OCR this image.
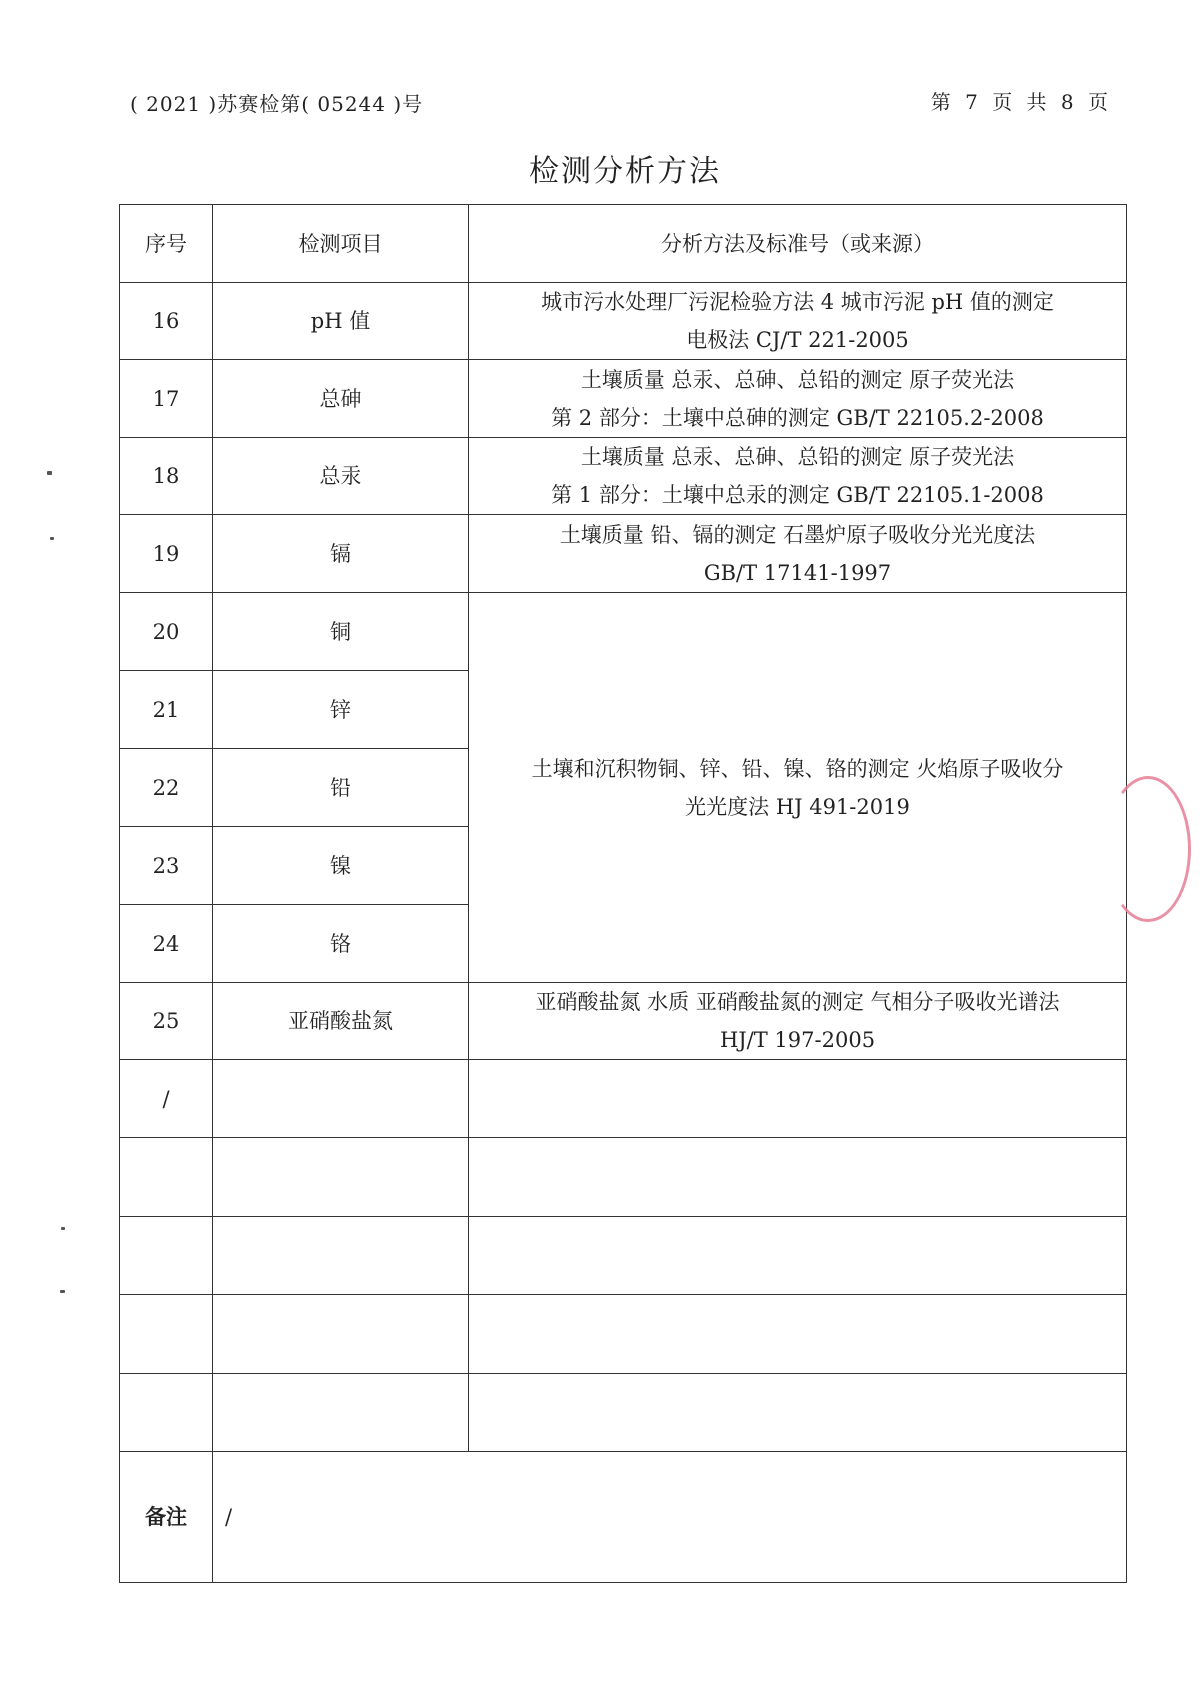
( 2021 )苏赛检第( 05244 )号	第 7 页 共 8 页
检测分析方法
序号	检测项目	分析方法及标准号（或来源）
16	pH 值	城市污水处理厂污泥检验方法 4 城市污泥 pH 值的测定
电极法 CJ/T 221-2005

17	总砷	土壤质量 总汞、总砷、总铅的测定 原子荧光法
第 2 部分：土壤中总砷的测定 GB/T 22105.2-2008

18	总汞	土壤质量 总汞、总砷、总铅的测定 原子荧光法
第 1 部分：土壤中总汞的测定 GB/T 22105.1-2008

19	镉	土壤质量 铅、镉的测定 石墨炉原子吸收分光光度法
GB/T 17141-1997

20	铜	土壤和沉积物铜、锌、铅、镍、铬的测定 火焰原子吸收分
光光度法 HJ 491-2019

21	锌	
22	铅	
23	镍	
24	铬	
25	亚硝酸盐氮	亚硝酸盐氮 水质 亚硝酸盐氮的测定 气相分子吸收光谱法
HJ/T 197-2005

/		

备注	/	
